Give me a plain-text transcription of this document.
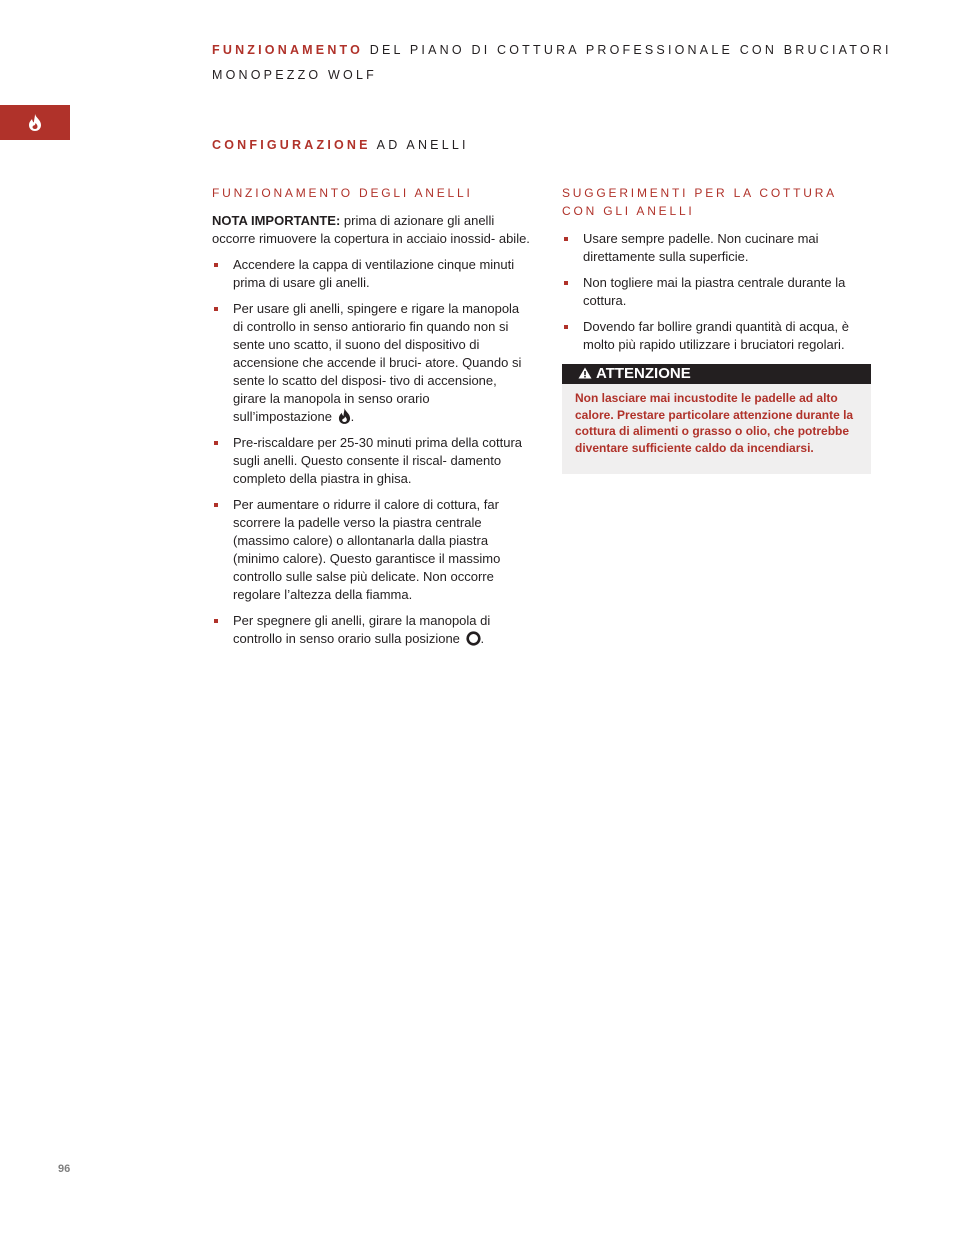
FUNZIONAMENTO DEL PIANO DI COTTURA PROFESSIONALE CON BRUCIATORI
MONOPEZZO WOLF
CONFIGURAZIONE AD ANELLI
FUNZIONAMENTO DEGLI ANELLI

NOTA IMPORTANTE: prima di azionare gli anelli occorre rimuovere la copertura in acciaio inossid- abile.

Accendere la cappa di ventilazione cinque minuti prima di usare gli anelli.
Per usare gli anelli, spingere e rigare la manopola di controllo in senso antiorario fin quando non si sente uno scatto, il suono del dispositivo di accensione che accende il bruci- atore. Quando si sente lo scatto del disposi- tivo di accensione, girare la manopola in senso orario sull’impostazione .
Pre-riscaldare per 25-30 minuti prima della cottura sugli anelli. Questo consente il riscal- damento completo della piastra in ghisa.
Per aumentare o ridurre il calore di cottura, far scorrere la padelle verso la piastra centrale (massimo calore) o allontanarla dalla piastra (minimo calore). Questo garantisce il massimo controllo sulle salse più delicate. Non occorre regolare l’altezza della fiamma.
Per spegnere gli anelli, girare la manopola di controllo in senso orario sulla posizione .
SUGGERIMENTI PER LA COTTURA CON GLI ANELLI
Usare sempre padelle. Non cucinare mai direttamente sulla superficie.
Non togliere mai la piastra centrale durante la cottura.
Dovendo far bollire grandi quantità di acqua, è molto più rapido utilizzare i bruciatori regolari.
ATTENZIONE
Non lasciare mai incustodite le padelle ad alto calore. Prestare particolare attenzione durante la cottura di alimenti o grasso o olio, che potrebbe diventare sufficiente caldo da incendiarsi.
96
